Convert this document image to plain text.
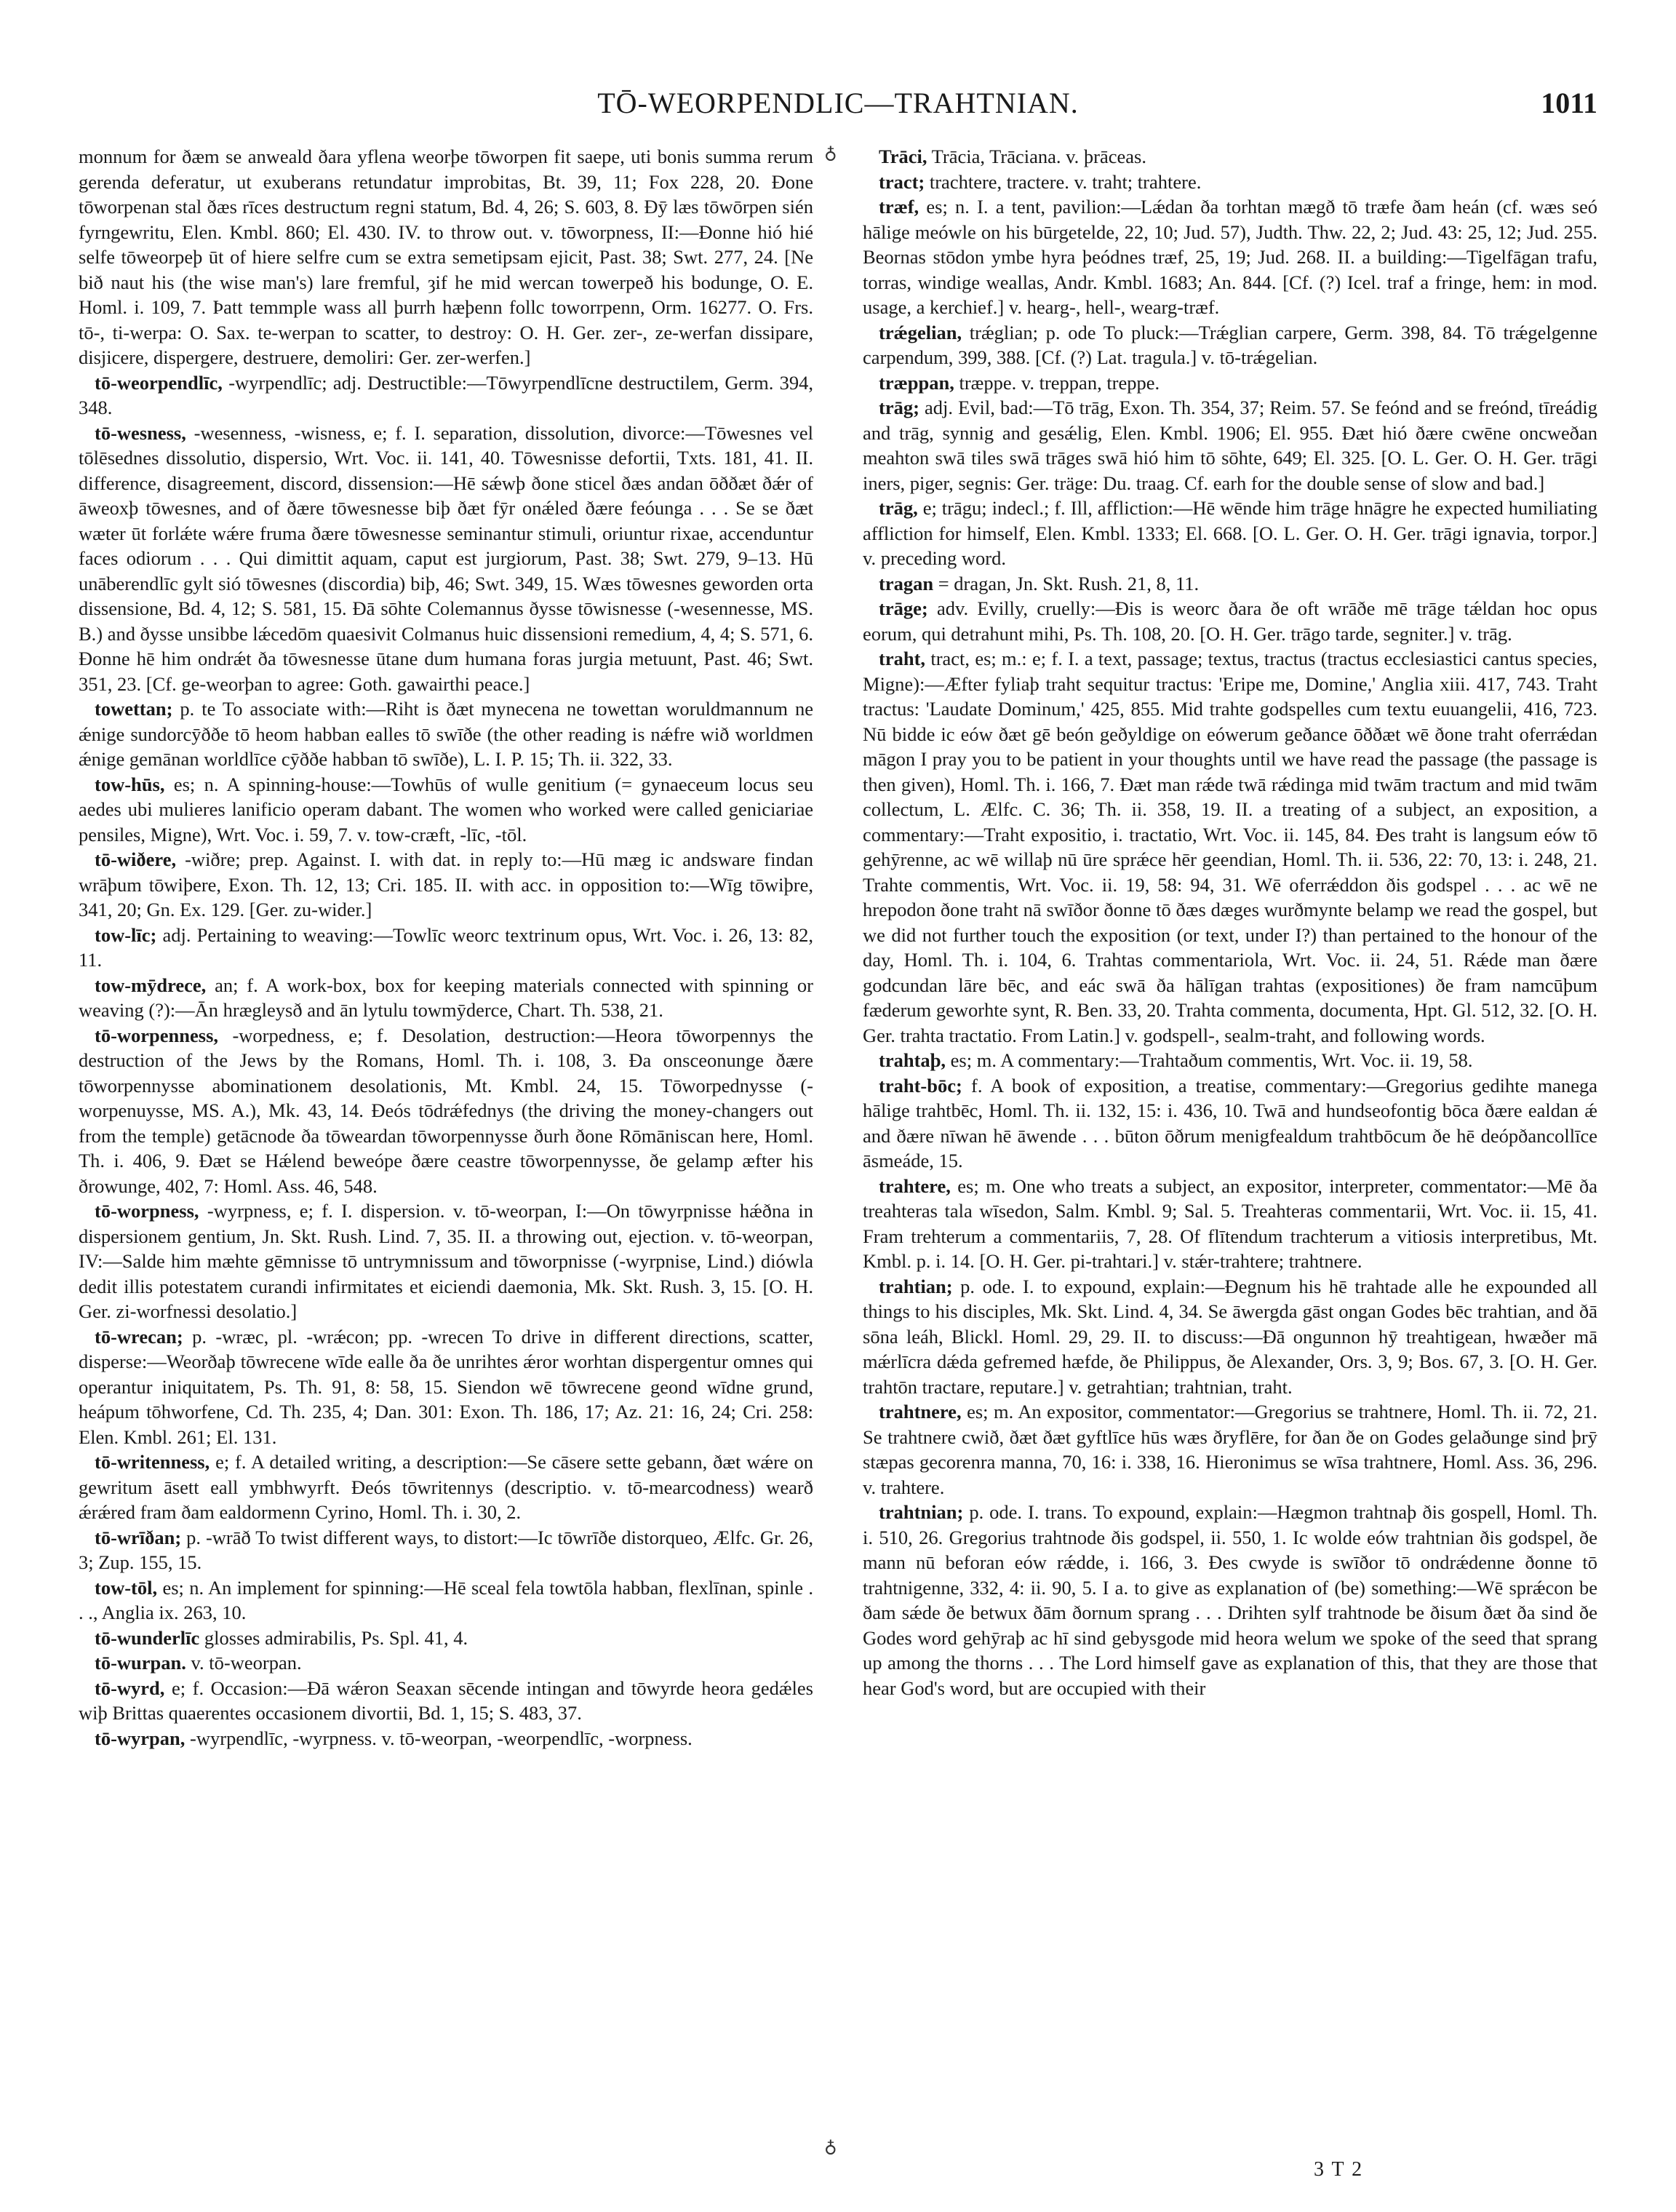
TŌ-WEORPENDLIC—TRAHTNIAN.	1011

monnum for ðæm se anweald ðara yflena weorþe tōworpen fit saepe, uti bonis summa rerum gerenda deferatur, ut exuberans retundatur improbitas, Bt. 39, 11; Fox 228, 20. Ðone tōworpenan stal ðæs rīces destructum regni statum, Bd. 4, 26; S. 603, 8. Ðȳ læs tōwōrpen sién fyrngewritu, Elen. Kmbl. 860; El. 430. IV. to throw out. v. tōworpness, II:—Ðonne hió hié selfe tōweorpeþ ūt of hiere selfre cum se extra semetipsam ejicit, Past. 38; Swt. 277, 24. [Ne bið naut his (the wise man's) lare fremful, ȝif he mid wercan towerpeð his bodunge, O. E. Homl. i. 109, 7. Þatt temmple wass all þurrh hæþenn follc toworrpenn, Orm. 16277. O. Frs. tō-, ti-werpa: O. Sax. te-werpan to scatter, to destroy: O. H. Ger. zer-, ze-werfan dissipare, disjicere, dispergere, destruere, demoliri: Ger. zer-werfen.]

tō-weorpendlīc, -wyrpendlīc; adj. Destructible:—Tōwyrpendlīcne destructilem, Germ. 394, 348.

tō-wesness, -wesenness, -wisness, e; f. I. separation, dissolution, divorce:—Tōwesnes vel tōlēsednes dissolutio, dispersio, Wrt. Voc. ii. 141, 40. Tōwesnisse defortii, Txts. 181, 41. II. difference, disagreement, discord, dissension:—Hē sǽwþ ðone sticel ðæs andan ōððæt ðǽr of āweoxþ tōwesnes, and of ðære tōwesnesse biþ ðæt fȳr onǽled ðære feóunga . . . Se se ðæt wæter ūt forlǽte wǽre fruma ðære tōwesnesse seminantur stimuli, oriuntur rixae, accenduntur faces odiorum . . . Qui dimittit aquam, caput est jurgiorum, Past. 38; Swt. 279, 9–13. Hū unāberendlīc gylt sió tōwesnes (discordia) biþ, 46; Swt. 349, 15. Wæs tōwesnes geworden orta dissensione, Bd. 4, 12; S. 581, 15. Ðā sōhte Colemannus ðysse tōwisnesse (-wesennesse, MS. B.) and ðysse unsibbe lǽcedōm quaesivit Colmanus huic dissensioni remedium, 4, 4; S. 571, 6. Ðonne hē him ondrǽt ða tōwesnesse ūtane dum humana foras jurgia metuunt, Past. 46; Swt. 351, 23. [Cf. ge-weorþan to agree: Goth. gawairthi peace.]

towettan; p. te To associate with:—Riht is ðæt mynecena ne towettan woruldmannum ne ǽnige sundorcȳððe tō heom habban ealles tō swīðe (the other reading is nǽfre wið worldmen ǽnige gemānan worldlīce cȳððe habban tō swīðe), L. I. P. 15; Th. ii. 322, 33.

tow-hūs, es; n. A spinning-house:—Towhūs of wulle genitium (= gynaeceum locus seu aedes ubi mulieres lanificio operam dabant. The women who worked were called geniciariae pensiles, Migne), Wrt. Voc. i. 59, 7. v. tow-cræft, -līc, -tōl.

tō-wiðere, -wiðre; prep. Against. I. with dat. in reply to:—Hū mæg ic andsware findan wrāþum tōwiþere, Exon. Th. 12, 13; Cri. 185. II. with acc. in opposition to:—Wīg tōwiþre, 341, 20; Gn. Ex. 129. [Ger. zu-wider.]

tow-līc; adj. Pertaining to weaving:—Towlīc weorc textrinum opus, Wrt. Voc. i. 26, 13: 82, 11.

tow-mȳdrece, an; f. A work-box, box for keeping materials connected with spinning or weaving (?):—Ān hrægleysð and ān lytulu towmȳderce, Chart. Th. 538, 21.

tō-worpenness, -worpedness, e; f. Desolation, destruction:—Heora tōworpennys the destruction of the Jews by the Romans, Homl. Th. i. 108, 3. Ða onsceonunge ðære tōworpennysse abominationem desolationis, Mt. Kmbl. 24, 15. Tōworpednysse (-worpenuysse, MS. A.), Mk. 43, 14. Ðeós tōdrǽfednys (the driving the money-changers out from the temple) getācnode ða tōweardan tōworpennysse ðurh ðone Rōmāniscan here, Homl. Th. i. 406, 9. Ðæt se Hǽlend beweópe ðære ceastre tōworpennysse, ðe gelamp æfter his ðrowunge, 402, 7: Homl. Ass. 46, 548.

tō-worpness, -wyrpness, e; f. I. dispersion. v. tō-weorpan, I:—On tōwyrpnisse hǽðna in dispersionem gentium, Jn. Skt. Rush. Lind. 7, 35. II. a throwing out, ejection. v. tō-weorpan, IV:—Salde him mæhte gēmnisse tō untrymnissum and tōworpnisse (-wyrpnise, Lind.) diówla dedit illis potestatem curandi infirmitates et eiciendi daemonia, Mk. Skt. Rush. 3, 15. [O. H. Ger. zi-worfnessi desolatio.]

tō-wrecan; p. -wræc, pl. -wrǽcon; pp. -wrecen To drive in different directions, scatter, disperse:—Weorðaþ tōwrecene wīde ealle ða ðe unrihtes ǽror worhtan dispergentur omnes qui operantur iniquitatem, Ps. Th. 91, 8: 58, 15. Siendon wē tōwrecene geond wīdne grund, heápum tōhworfene, Cd. Th. 235, 4; Dan. 301: Exon. Th. 186, 17; Az. 21: 16, 24; Cri. 258: Elen. Kmbl. 261; El. 131.

tō-writenness, e; f. A detailed writing, a description:—Se cāsere sette gebann, ðæt wǽre on gewritum āsett eall ymbhwyrft. Ðeós tōwritennys (descriptio. v. tō-mearcodness) wearð ǽrǽred fram ðam ealdormenn Cyrino, Homl. Th. i. 30, 2.

tō-wrīðan; p. -wrāð To twist different ways, to distort:—Ic tōwrīðe distorqueo, Ælfc. Gr. 26, 3; Zup. 155, 15.

tow-tōl, es; n. An implement for spinning:—Hē sceal fela towtōla habban, flexlīnan, spinle . . ., Anglia ix. 263, 10.

tō-wunderlīc glosses admirabilis, Ps. Spl. 41, 4.

tō-wurpan. v. tō-weorpan.

tō-wyrd, e; f. Occasion:—Ðā wǽron Seaxan sēcende intingan and tōwyrde heora gedǽles wiþ Brittas quaerentes occasionem divortii, Bd. 1, 15; S. 483, 37.

tō-wyrpan, -wyrpendlīc, -wyrpness. v. tō-weorpan, -weorpendlīc, -worpness.

♁
♁

Trāci, Trācia, Trāciana. v. þrāceas.

tract; trachtere, tractere. v. traht; trahtere.

træf, es; n. I. a tent, pavilion:—Lǽdan ða torhtan mægð tō træfe ðam heán (cf. wæs seó hālige meówle on his būrgetelde, 22, 10; Jud. 57), Judth. Thw. 22, 2; Jud. 43: 25, 12; Jud. 255. Beornas stōdon ymbe hyra þeódnes træf, 25, 19; Jud. 268. II. a building:—Tigelfāgan trafu, torras, windige weallas, Andr. Kmbl. 1683; An. 844. [Cf. (?) Icel. traf a fringe, hem: in mod. usage, a kerchief.] v. hearg-, hell-, wearg-træf.

trǽgelian, trǽglian; p. ode To pluck:—Trǽglian carpere, Germ. 398, 84. Tō trǽgelgenne carpendum, 399, 388. [Cf. (?) Lat. tragula.] v. tō-trǽgelian.

træppan, træppe. v. treppan, treppe.

trāg; adj. Evil, bad:—Tō trāg, Exon. Th. 354, 37; Reim. 57. Se feónd and se freónd, tīreádig and trāg, synnig and gesǽlig, Elen. Kmbl. 1906; El. 955. Ðæt hió ðære cwēne oncweðan meahton swā tiles swā trāges swā hió him tō sōhte, 649; El. 325. [O. L. Ger. O. H. Ger. trāgi iners, piger, segnis: Ger. träge: Du. traag. Cf. earh for the double sense of slow and bad.]

trāg, e; trāgu; indecl.; f. Ill, affliction:—Hē wēnde him trāge hnāgre he expected humiliating affliction for himself, Elen. Kmbl. 1333; El. 668. [O. L. Ger. O. H. Ger. trāgi ignavia, torpor.] v. preceding word.

tragan = dragan, Jn. Skt. Rush. 21, 8, 11.

trāge; adv. Evilly, cruelly:—Ðis is weorc ðara ðe oft wrāðe mē trāge tǽldan hoc opus eorum, qui detrahunt mihi, Ps. Th. 108, 20. [O. H. Ger. trāgo tarde, segniter.] v. trāg.

traht, tract, es; m.: e; f. I. a text, passage; textus, tractus (tractus ecclesiastici cantus species, Migne):—Æfter fyliaþ traht sequitur tractus: 'Eripe me, Domine,' Anglia xiii. 417, 743. Traht tractus: 'Laudate Dominum,' 425, 855. Mid trahte godspelles cum textu euuangelii, 416, 723. Nū bidde ic eów ðæt gē beón geðyldige on eówerum geðance ōððæt wē ðone traht oferrǽdan māgon I pray you to be patient in your thoughts until we have read the passage (the passage is then given), Homl. Th. i. 166, 7. Ðæt man rǽde twā rǽdinga mid twām tractum and mid twām collectum, L. Ælfc. C. 36; Th. ii. 358, 19. II. a treating of a subject, an exposition, a commentary:—Traht expositio, i. tractatio, Wrt. Voc. ii. 145, 84. Ðes traht is langsum eów tō gehȳrenne, ac wē willaþ nū ūre sprǽce hēr geendian, Homl. Th. ii. 536, 22: 70, 13: i. 248, 21. Trahte commentis, Wrt. Voc. ii. 19, 58: 94, 31. Wē oferrǽddon ðis godspel . . . ac wē ne hrepodon ðone traht nā swīðor ðonne tō ðæs dæges wurðmynte belamp we read the gospel, but we did not further touch the exposition (or text, under I?) than pertained to the honour of the day, Homl. Th. i. 104, 6. Trahtas commentariola, Wrt. Voc. ii. 24, 51. Rǽde man ðære godcundan lāre bēc, and eác swā ða hālīgan trahtas (expositiones) ðe fram namcūþum fæderum geworhte synt, R. Ben. 33, 20. Trahta commenta, documenta, Hpt. Gl. 512, 32. [O. H. Ger. trahta tractatio. From Latin.] v. godspell-, sealm-traht, and following words.

trahtaþ, es; m. A commentary:—Trahtaðum commentis, Wrt. Voc. ii. 19, 58.

traht-bōc; f. A book of exposition, a treatise, commentary:—Gregorius gedihte manega hālige trahtbēc, Homl. Th. ii. 132, 15: i. 436, 10. Twā and hundseofontig bōca ðære ealdan ǽ and ðære nīwan hē āwende . . . būton ōðrum menigfealdum trahtbōcum ðe hē deópðancollīce āsmeáde, 15.

trahtere, es; m. One who treats a subject, an expositor, interpreter, commentator:—Mē ða treahteras tala wīsedon, Salm. Kmbl. 9; Sal. 5. Treahteras commentarii, Wrt. Voc. ii. 15, 41. Fram trehterum a commentariis, 7, 28. Of flītendum trachterum a vitiosis interpretibus, Mt. Kmbl. p. i. 14. [O. H. Ger. pi-trahtari.] v. stǽr-trahtere; trahtnere.

trahtian; p. ode. I. to expound, explain:—Ðegnum his hē trahtade alle he expounded all things to his disciples, Mk. Skt. Lind. 4, 34. Se āwergda gāst ongan Godes bēc trahtian, and ðā sōna leáh, Blickl. Homl. 29, 29. II. to discuss:—Ðā ongunnon hȳ treahtigean, hwæðer mā mǽrlīcra dǽda gefremed hæfde, ðe Philippus, ðe Alexander, Ors. 3, 9; Bos. 67, 3. [O. H. Ger. trahtōn tractare, reputare.] v. getrahtian; trahtnian, traht.

trahtnere, es; m. An expositor, commentator:—Gregorius se trahtnere, Homl. Th. ii. 72, 21. Se trahtnere cwið, ðæt ðæt gyftlīce hūs wæs ðryflēre, for ðan ðe on Godes gelaðunge sind þrȳ stæpas gecorenra manna, 70, 16: i. 338, 16. Hieronimus se wīsa trahtnere, Homl. Ass. 36, 296. v. trahtere.

trahtnian; p. ode. I. trans. To expound, explain:—Hægmon trahtnaþ ðis gospell, Homl. Th. i. 510, 26. Gregorius trahtnode ðis godspel, ii. 550, 1. Ic wolde eów trahtnian ðis godspel, ðe mann nū beforan eów rǽdde, i. 166, 3. Ðes cwyde is swīðor tō ondrǽdenne ðonne tō trahtnigenne, 332, 4: ii. 90, 5. I a. to give as explanation of (be) something:—Wē sprǽcon be ðam sǽde ðe betwux ðām ðornum sprang . . . Drihten sylf trahtnode be ðisum ðæt ða sind ðe Godes word gehȳraþ ac hī sind gebysgode mid heora welum we spoke of the seed that sprang up among the thorns . . . The Lord himself gave as explanation of this, that they are those that hear God's word, but are occupied with their

3 T 2
